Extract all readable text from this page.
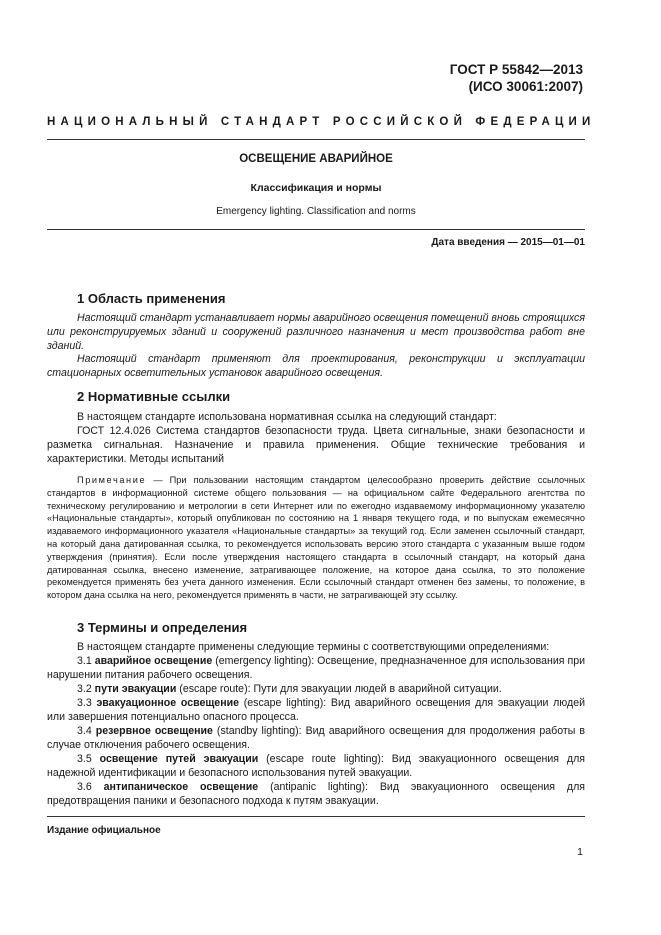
ГОСТ Р 55842—2013
(ИСО 30061:2007)
НАЦИОНАЛЬНЫЙ СТАНДАРТ РОССИЙСКОЙ ФЕДЕРАЦИИ
ОСВЕЩЕНИЕ АВАРИЙНОЕ
Классификация и нормы
Emergency lighting. Classification and norms
Дата введения — 2015—01—01
1 Область применения

Настоящий стандарт устанавливает нормы аварийного освещения помещений вновь строящихся или реконструируемых зданий и сооружений различного назначения и мест производства работ вне зданий.

Настоящий стандарт применяют для проектирования, реконструкции и эксплуатации стационарных осветительных установок аварийного освещения.

2 Нормативные ссылки

В настоящем стандарте использована нормативная ссылка на следующий стандарт:

ГОСТ 12.4.026 Система стандартов безопасности труда. Цвета сигнальные, знаки безопасности и разметка сигнальная. Назначение и правила применения. Общие технические требования и характеристики. Методы испытаний

Примечание — При пользовании настоящим стандартом целесообразно проверить действие ссылочных стандартов в информационной системе общего пользования — на официальном сайте Федерального агентства по техническому регулированию и метрологии в сети Интернет или по ежегодно издаваемому информационному указателю «Национальные стандарты», который опубликован по состоянию на 1 января текущего года, и по выпускам ежемесячно издаваемого информационного указателя «Национальные стандарты» за текущий год. Если заменен ссылочный стандарт, на который дана датированная ссылка, то рекомендуется использовать версию этого стандарта с указанным выше годом утверждения (принятия). Если после утверждения настоящего стандарта в ссылочный стандарт, на который дана датированная ссылка, внесено изменение, затрагивающее положение, на которое дана ссылка, то это положение рекомендуется применять без учета данного изменения. Если ссылочный стандарт отменен без замены, то положение, в котором дана ссылка на него, рекомендуется применять в части, не затрагивающей эту ссылку.

3 Термины и определения

В настоящем стандарте применены следующие термины с соответствующими определениями:

3.1 аварийное освещение (emergency lighting): Освещение, предназначенное для использования при нарушении питания рабочего освещения.

3.2 пути эвакуации (escape route): Пути для эвакуации людей в аварийной ситуации.

3.3 эвакуационное освещение (escape lighting): Вид аварийного освещения для эвакуации людей или завершения потенциально опасного процесса.

3.4 резервное освещение (standby lighting): Вид аварийного освещения для продолжения работы в случае отключения рабочего освещения.

3.5 освещение путей эвакуации (escape route lighting): Вид эвакуационного освещения для надежной идентификации и безопасного использования путей эвакуации.

3.6 антипаническое освещение (antipanic lighting): Вид эвакуационного освещения для предотвращения паники и безопасного подхода к путям эвакуации.

Издание официальное
1
